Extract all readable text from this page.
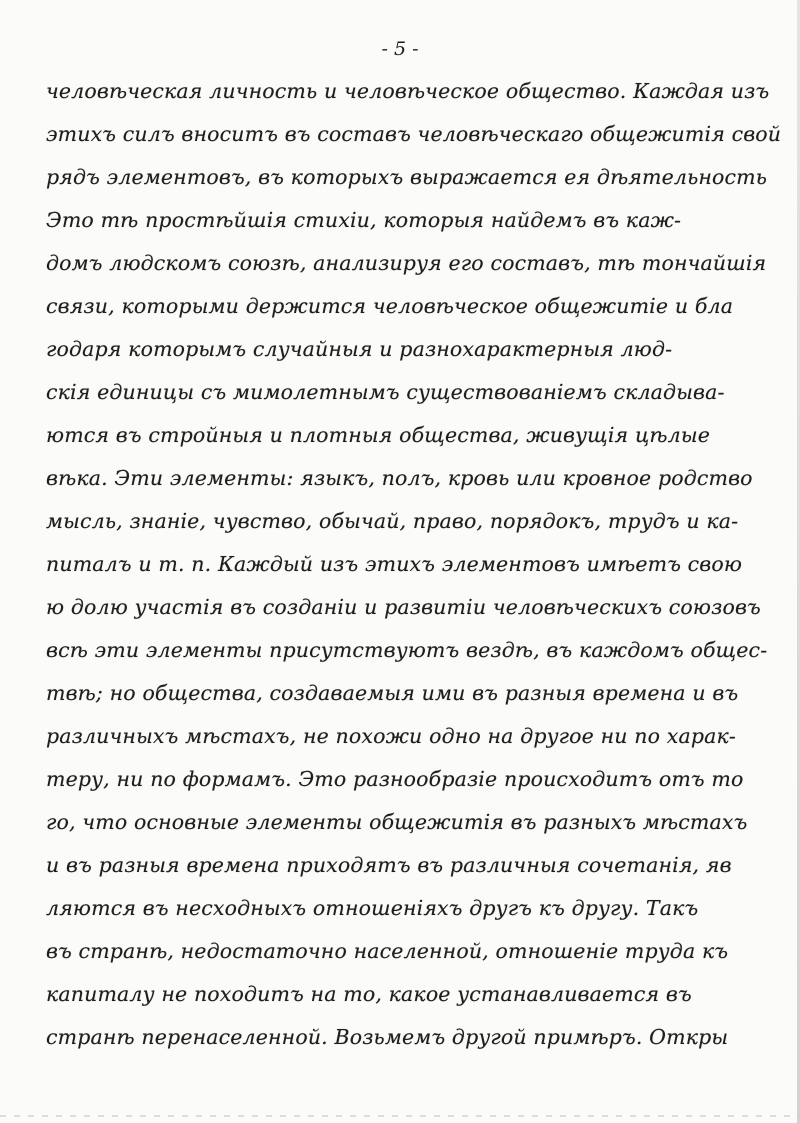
- 5 -
человѣческая личность и человѣческое общество. Каждая изъ
этихъ силъ вноситъ въ составъ человѣческаго общежитія свой
рядъ элементовъ, въ которыхъ выражается ея дѣятельность
Это тѣ простѣйшія стихіи, которыя найдемъ въ каж-
домъ людскомъ союзѣ, анализируя его составъ, тѣ тончайшія
связи, которыми держится человѣческое общежитіе и бла
годаря которымъ случайныя и разнохарактерныя люд-
скія единицы съ мимолетнымъ существованіемъ складыва-
ются въ стройныя и плотныя общества, живущія цѣлые
вѣка. Эти элементы: языкъ, полъ, кровь или кровное родство
мысль, знаніе, чувство, обычай, право, порядокъ, трудъ и ка-
питалъ и т. п. Каждый изъ этихъ элементовъ имѣетъ свою
ю долю участія въ созданіи и развитіи человѣческихъ союзовъ
всѣ эти элементы присутствуютъ вездѣ, въ каждомъ общес-
твѣ; но общества, создаваемыя ими въ разныя времена и въ
различныхъ мѣстахъ, не похожи одно на другое ни по харак-
теру, ни по формамъ. Это разнообразіе происходитъ отъ то
го, что основные элементы общежитія въ разныхъ мѣстахъ
и въ разныя времена приходятъ въ различныя сочетанія, яв
ляются въ несходныхъ отношеніяхъ другъ къ другу. Такъ
въ странѣ, недостаточно населенной, отношеніе труда къ
капиталу не походитъ на то, какое устанавливается въ
странѣ перенаселенной. Возьмемъ другой примѣръ. Откры
